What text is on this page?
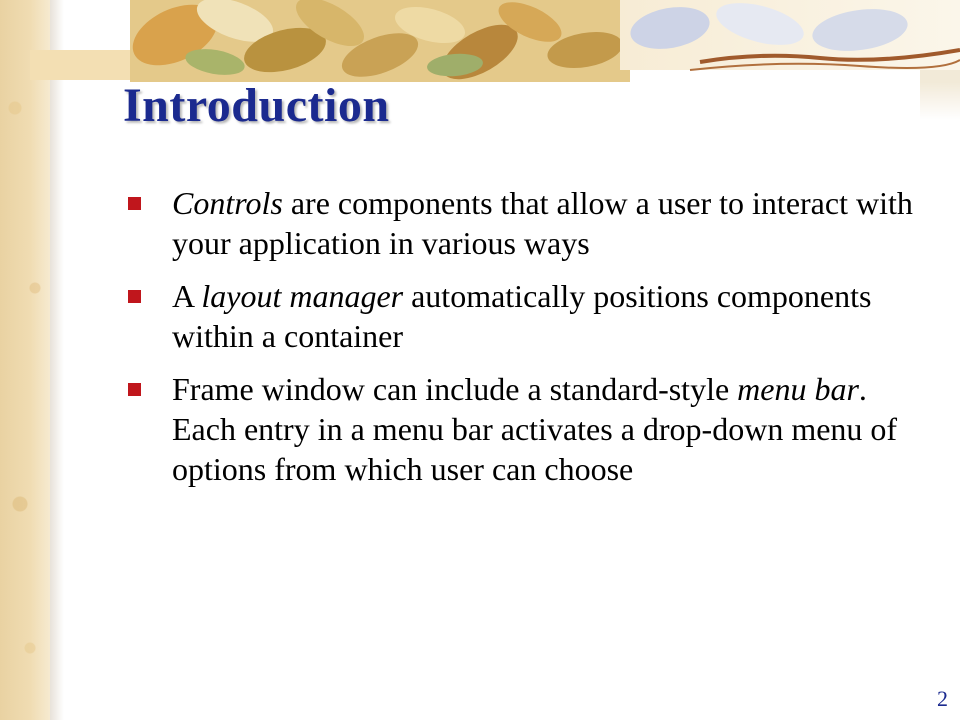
Introduction
Controls are components that allow a user to interact with your application in various ways
A layout manager automatically positions components within a container
Frame window can include a standard-style menu bar. Each entry in a menu bar activates a drop-down menu of options from which user can choose
2
